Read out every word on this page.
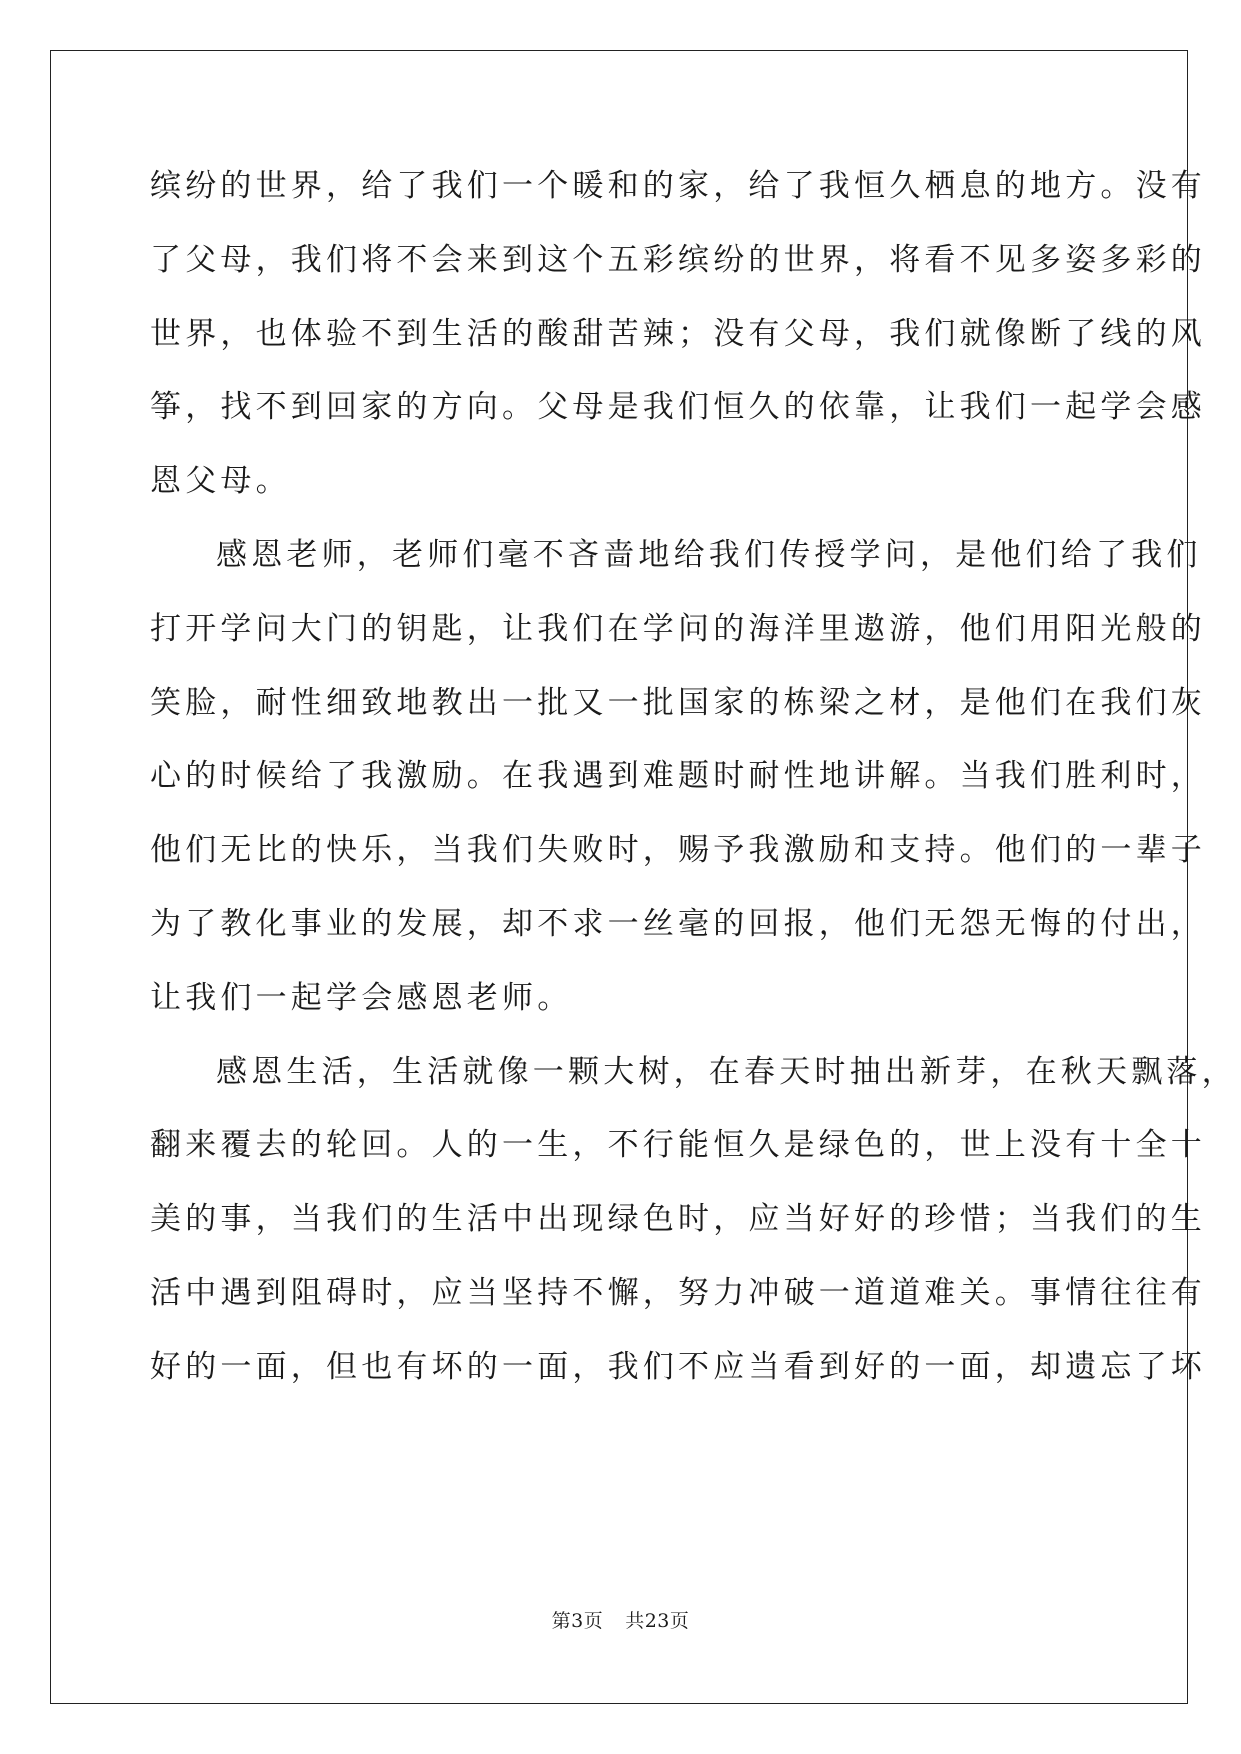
缤纷的世界，给了我们一个暖和的家，给了我恒久栖息的地方。没有
了父母，我们将不会来到这个五彩缤纷的世界，将看不见多姿多彩的
世界，也体验不到生活的酸甜苦辣；没有父母，我们就像断了线的风
筝，找不到回家的方向。父母是我们恒久的依靠，让我们一起学会感
恩父母。
感恩老师，老师们毫不吝啬地给我们传授学问，是他们给了我们
打开学问大门的钥匙，让我们在学问的海洋里遨游，他们用阳光般的
笑脸，耐性细致地教出一批又一批国家的栋梁之材，是他们在我们灰
心的时候给了我激励。在我遇到难题时耐性地讲解。当我们胜利时，
他们无比的快乐，当我们失败时，赐予我激励和支持。他们的一辈子
为了教化事业的发展，却不求一丝毫的回报，他们无怨无悔的付出，
让我们一起学会感恩老师。
感恩生活，生活就像一颗大树，在春天时抽出新芽，在秋天飘落，
翻来覆去的轮回。人的一生，不行能恒久是绿色的，世上没有十全十
美的事，当我们的生活中出现绿色时，应当好好的珍惜；当我们的生
活中遇到阻碍时，应当坚持不懈，努力冲破一道道难关。事情往往有
好的一面，但也有坏的一面，我们不应当看到好的一面，却遗忘了坏
第3页 共23页
